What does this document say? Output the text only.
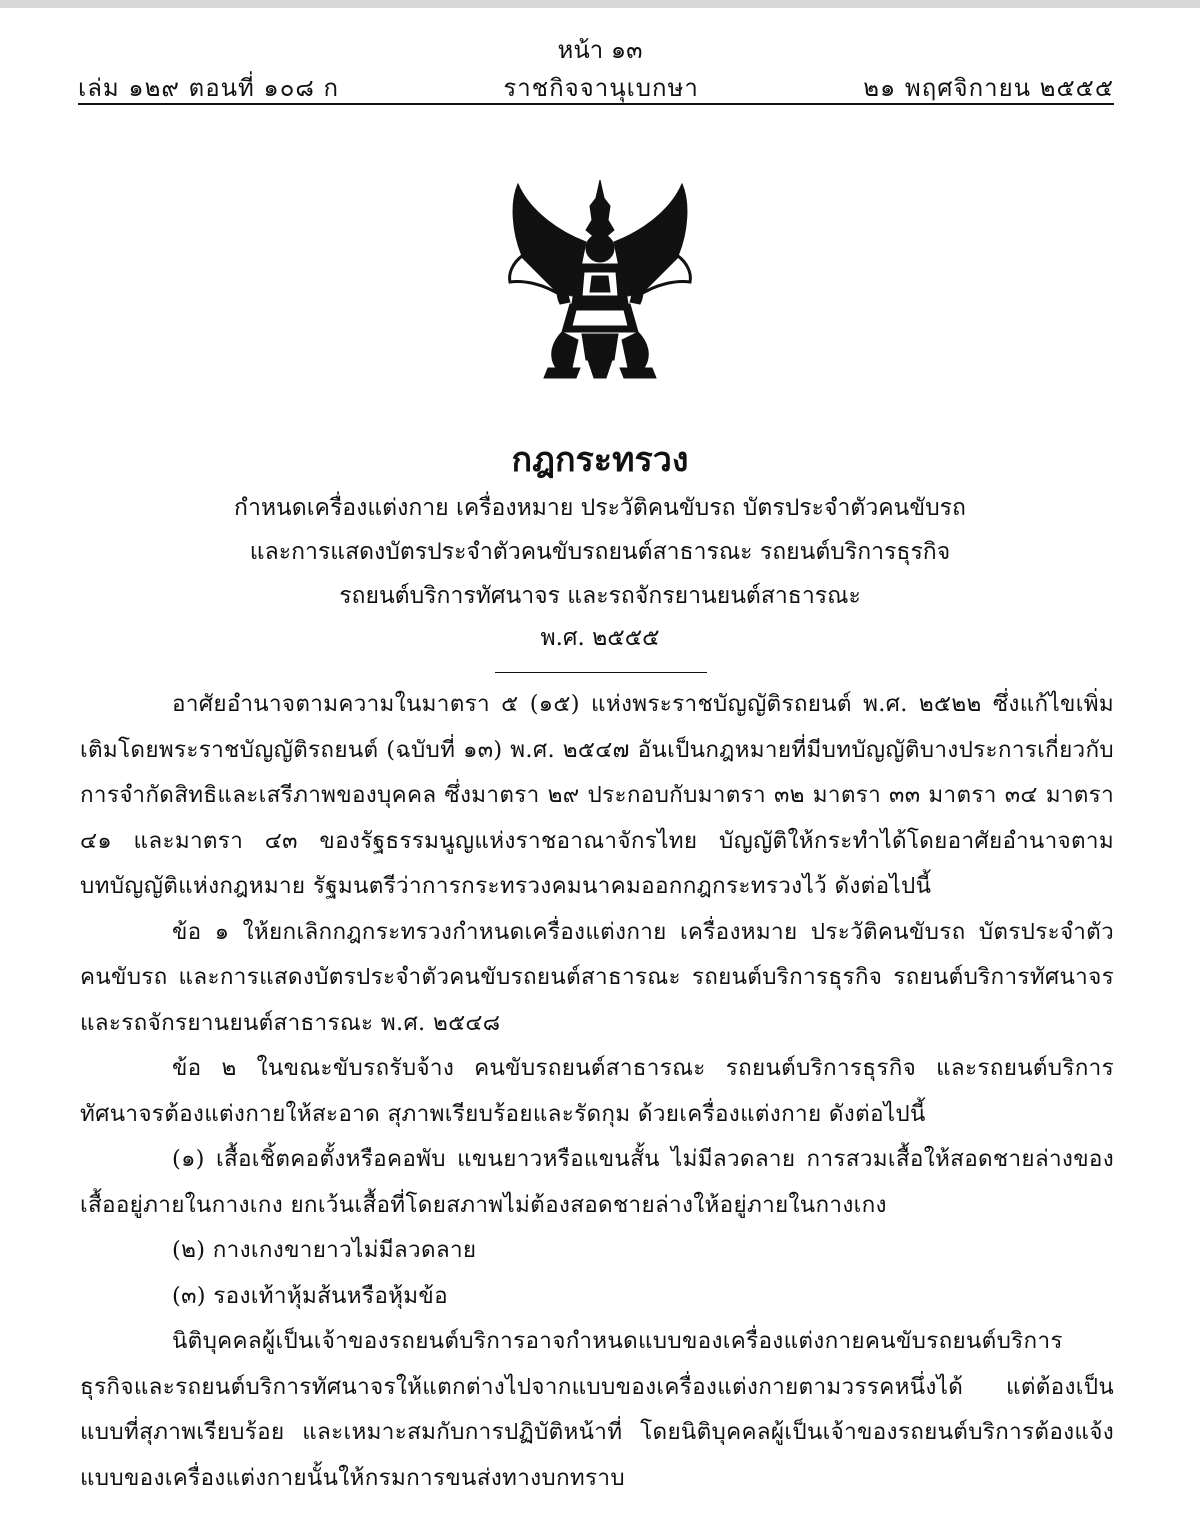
หน้า ๑๓
เล่ม ๑๒๙ ตอนที่ ๑๐๘ ก	ราชกิจจานุเบกษา	๒๑ พฤศจิกายน ๒๕๕๕
กฎกระทรวง
กำหนดเครื่องแต่งกาย เครื่องหมาย ประวัติคนขับรถ บัตรประจำตัวคนขับรถ
และการแสดงบัตรประจำตัวคนขับรถยนต์สาธารณะ รถยนต์บริการธุรกิจ
รถยนต์บริการทัศนาจร และรถจักรยานยนต์สาธารณะ
พ.ศ. ๒๕๕๕

อาศัยอำนาจตามความในมาตรา ๕ (๑๕) แห่งพระราชบัญญัติรถยนต์ พ.ศ. ๒๕๒๒ ซึ่งแก้ไขเพิ่มเติมโดยพระราชบัญญัติรถยนต์ (ฉบับที่ ๑๓) พ.ศ. ๒๕๔๗ อันเป็นกฎหมายที่มีบทบัญญัติบางประการเกี่ยวกับการจำกัดสิทธิและเสรีภาพของบุคคล ซึ่งมาตรา ๒๙ ประกอบกับมาตรา ๓๒ มาตรา ๓๓ มาตรา ๓๔ มาตรา ๔๑ และมาตรา ๔๓ ของรัฐธรรมนูญแห่งราชอาณาจักรไทย บัญญัติให้กระทำได้โดยอาศัยอำนาจตามบทบัญญัติแห่งกฎหมาย รัฐมนตรีว่าการกระทรวงคมนาคมออกกฎกระทรวงไว้ ดังต่อไปนี้

ข้อ ๑ ให้ยกเลิกกฎกระทรวงกำหนดเครื่องแต่งกาย เครื่องหมาย ประวัติคนขับรถ บัตรประจำตัวคนขับรถ และการแสดงบัตรประจำตัวคนขับรถยนต์สาธารณะ รถยนต์บริการธุรกิจ รถยนต์บริการทัศนาจร และรถจักรยานยนต์สาธารณะ พ.ศ. ๒๕๔๘

ข้อ ๒ ในขณะขับรถรับจ้าง คนขับรถยนต์สาธารณะ รถยนต์บริการธุรกิจ และรถยนต์บริการทัศนาจรต้องแต่งกายให้สะอาด สุภาพเรียบร้อยและรัดกุม ด้วยเครื่องแต่งกาย ดังต่อไปนี้

(๑) เสื้อเชิ้ตคอตั้งหรือคอพับ แขนยาวหรือแขนสั้น ไม่มีลวดลาย การสวมเสื้อให้สอดชายล่างของเสื้ออยู่ภายในกางเกง ยกเว้นเสื้อที่โดยสภาพไม่ต้องสอดชายล่างให้อยู่ภายในกางเกง

(๒) กางเกงขายาวไม่มีลวดลาย

(๓) รองเท้าหุ้มส้นหรือหุ้มข้อ

นิติบุคคลผู้เป็นเจ้าของรถยนต์บริการอาจกำหนดแบบของเครื่องแต่งกายคนขับรถยนต์บริการธุรกิจและรถยนต์บริการทัศนาจรให้แตกต่างไปจากแบบของเครื่องแต่งกายตามวรรคหนึ่งได้ แต่ต้องเป็นแบบที่สุภาพเรียบร้อย และเหมาะสมกับการปฏิบัติหน้าที่ โดยนิติบุคคลผู้เป็นเจ้าของรถยนต์บริการต้องแจ้งแบบของเครื่องแต่งกายนั้นให้กรมการขนส่งทางบกทราบ
